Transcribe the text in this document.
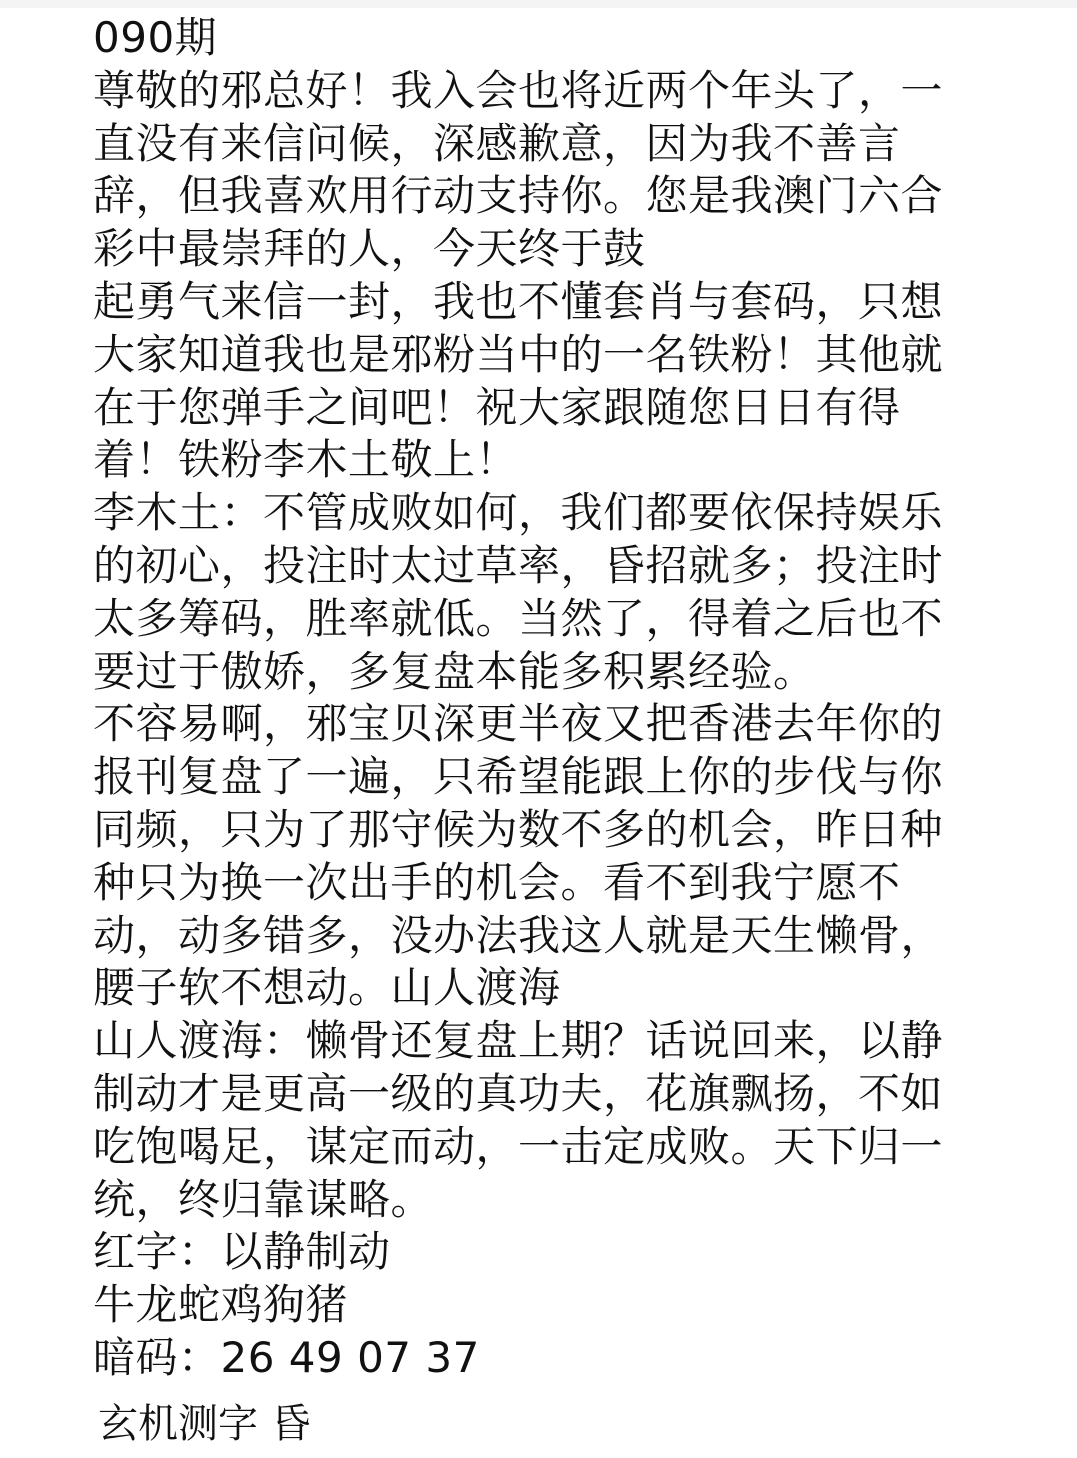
090期
尊敬的邪总好！我入会也将近两个年头了，一
直没有来信问候，深感歉意，因为我不善言
辞，但我喜欢用行动支持你。您是我澳门六合
彩中最崇拜的人，今天终于鼓
起勇气来信一封，我也不懂套肖与套码，只想
大家知道我也是邪粉当中的一名铁粉！其他就
在于您弹手之间吧！祝大家跟随您日日有得
着！铁粉李木土敬上！
李木土：不管成败如何，我们都要依保持娱乐
的初心，投注时太过草率，昏招就多；投注时
太多筹码，胜率就低。当然了，得着之后也不
要过于傲娇，多复盘本能多积累经验。
不容易啊，邪宝贝深更半夜又把香港去年你的
报刊复盘了一遍，只希望能跟上你的步伐与你
同频，只为了那守候为数不多的机会，昨日种
种只为换一次出手的机会。看不到我宁愿不
动，动多错多，没办法我这人就是天生懒骨，
腰子软不想动。山人渡海
山人渡海：懒骨还复盘上期？话说回来，以静
制动才是更高一级的真功夫，花旗飘扬，不如
吃饱喝足，谋定而动，一击定成败。天下归一
统，终归靠谋略。
红字：以静制动
牛龙蛇鸡狗猪
暗码：26 49 07 37
玄机测字 昏
